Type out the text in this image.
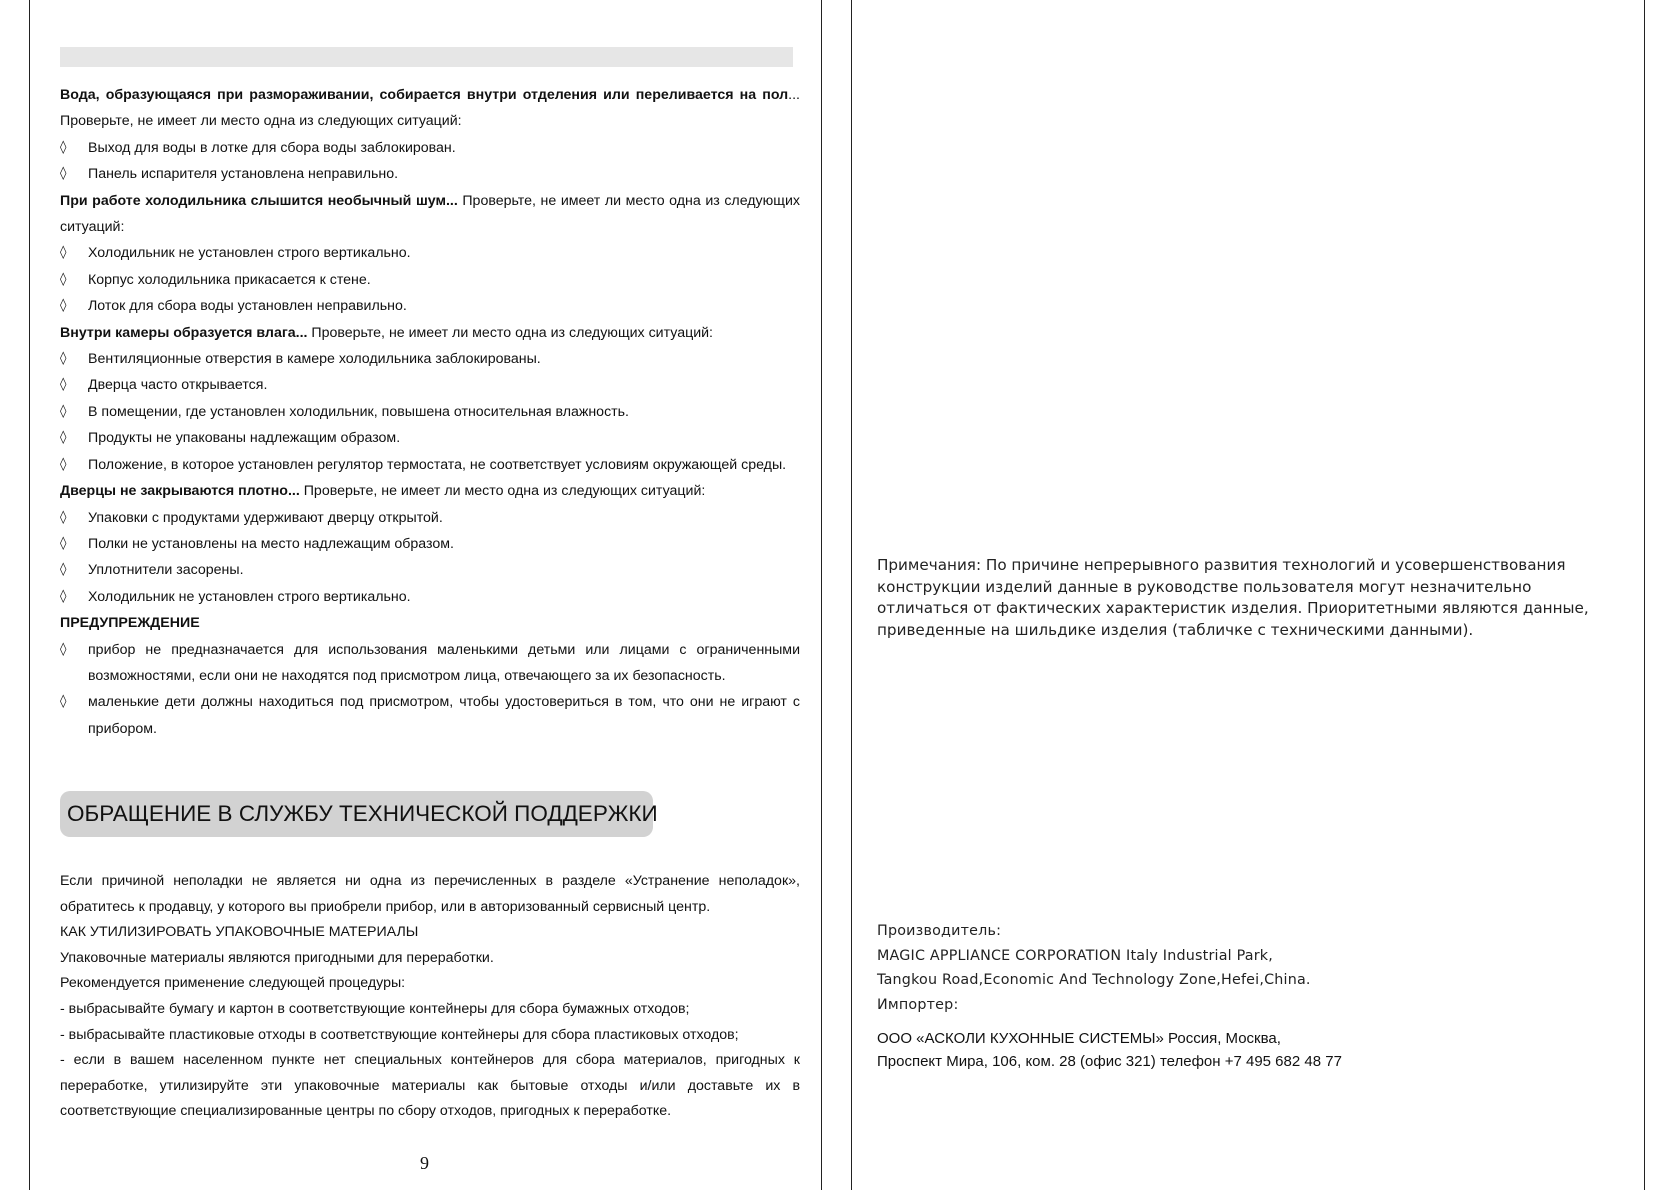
Вода, образующаяся при размораживании, собирается внутри отделения или переливается на пол... Проверьте, не имеет ли место одна из следующих ситуаций:

◊ Выход для воды в лотке для сбора воды заблокирован.
◊ Панель испарителя установлена неправильно.

При работе холодильника слышится необычный шум... Проверьте, не имеет ли место одна из следующих ситуаций:

◊ Холодильник не установлен строго вертикально.
◊ Корпус холодильника прикасается к стене.
◊ Лоток для сбора воды установлен неправильно.

Внутри камеры образуется влага... Проверьте, не имеет ли место одна из следующих ситуаций:

◊ Вентиляционные отверстия в камере холодильника заблокированы.
◊ Дверца часто открывается.
◊ В помещении, где установлен холодильник, повышена относительная влажность.
◊ Продукты не упакованы надлежащим образом.
◊ Положение, в которое установлен регулятор термостата, не соответствует условиям окружающей среды.

Дверцы не закрываются плотно... Проверьте, не имеет ли место одна из следующих ситуаций:

◊ Упаковки с продуктами удерживают дверцу открытой.
◊ Полки не установлены на место надлежащим образом.
◊ Уплотнители засорены.
◊ Холодильник не установлен строго вертикально.

ПРЕДУПРЕЖДЕНИЕ

◊ прибор не предназначается для использования маленькими детьми или лицами с ограниченными возможностями, если они не находятся под присмотром лица, отвечающего за их безопасность.
◊ маленькие дети должны находиться под присмотром, чтобы удостовериться в том, что они не играют с прибором.
ОБРАЩЕНИЕ В СЛУЖБУ ТЕХНИЧЕСКОЙ ПОДДЕРЖКИ

Если причиной неполадки не является ни одна из перечисленных в разделе «Устранение неполадок», обратитесь к продавцу, у которого вы приобрели прибор, или в авторизованный сервисный центр.

КАК УТИЛИЗИРОВАТЬ УПАКОВОЧНЫЕ МАТЕРИАЛЫ

Упаковочные материалы являются пригодными для переработки.

Рекомендуется применение следующей процедуры:

- выбрасывайте бумагу и картон в соответствующие контейнеры для сбора бумажных отходов;

- выбрасывайте пластиковые отходы в соответствующие контейнеры для сбора пластиковых отходов;

- если в вашем населенном пункте нет специальных контейнеров для сбора материалов, пригодных к переработке, утилизируйте эти упаковочные материалы как бытовые отходы и/или доставьте их в соответствующие специализированные центры по сбору отходов, пригодных к переработке.

9
Примечания: По причине непрерывного развития технологий и усовершенствования
конструкции изделий данные в руководстве пользователя могут незначительно
отличаться от фактических характеристик изделия. Приоритетными являются данные,
приведенные на шильдике изделия (табличке с техническими данными).
Производитель:
MAGIC APPLIANCE CORPORATION Italy Industrial Park,
Tangkou Road,Economic And Technology Zone,Hefei,China.
Импортер:
ООО «АСКОЛИ КУХОННЫЕ СИСТЕМЫ» Россия, Москва,
Проспект Мира, 106, ком. 28 (офис 321) телефон +7 495 682 48 77
